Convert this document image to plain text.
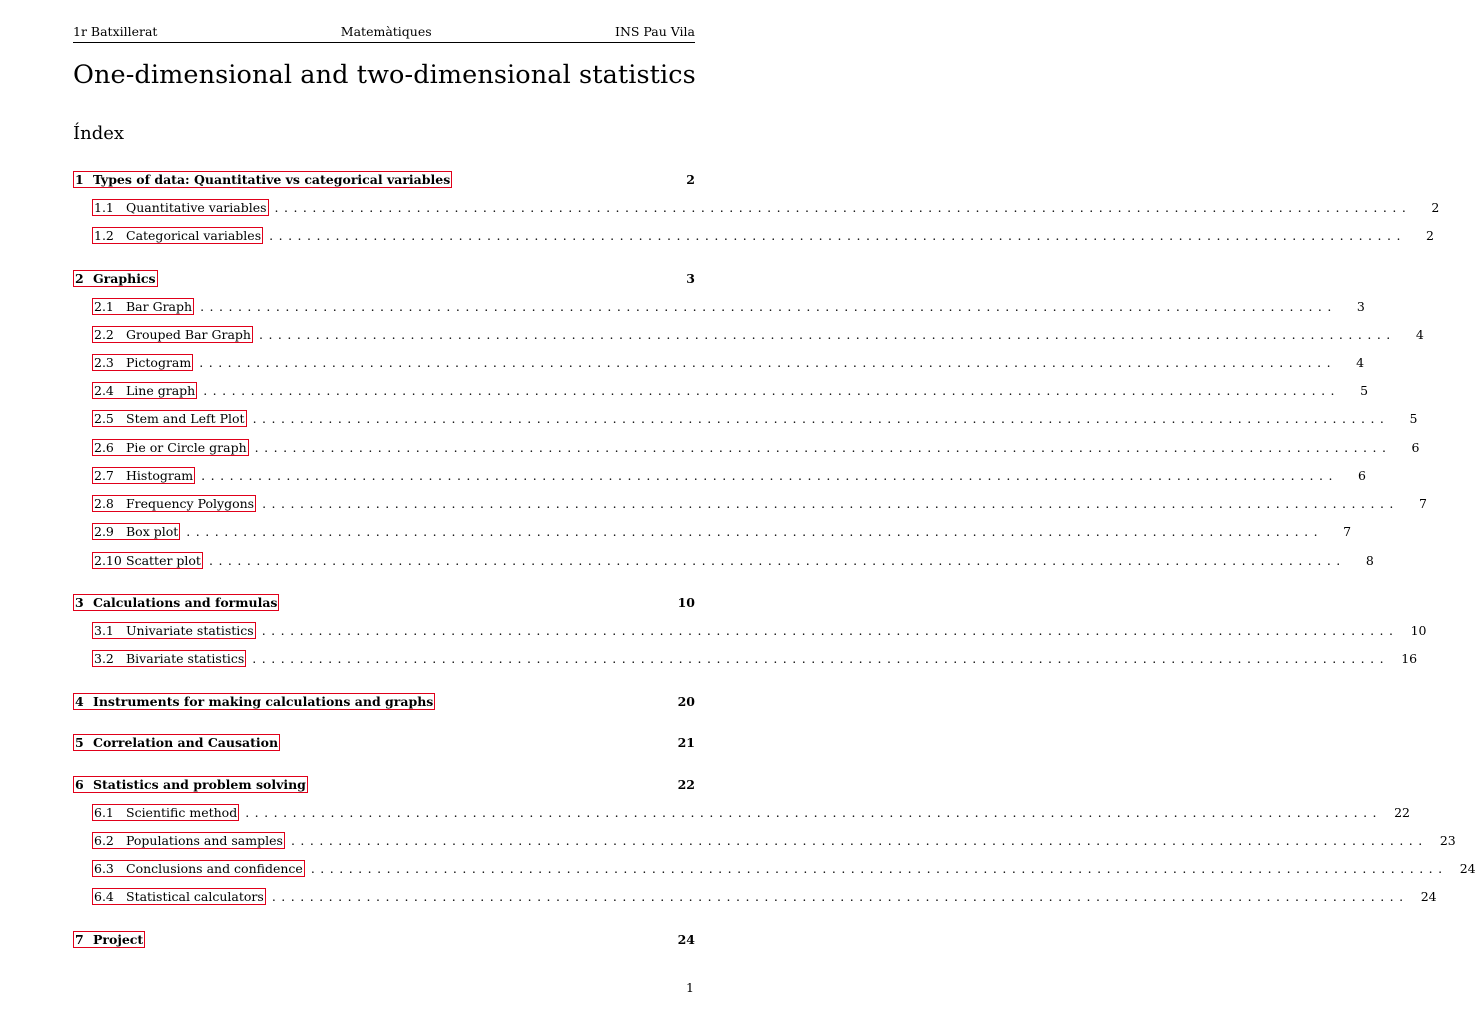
1r Batxillerat	Matemàtiques	INS Pau Vila
One-dimensional and two-dimensional statistics
Índex
1 Types of data: Quantitative vs categorical variables	2
1.1 Quantitative variables ........................................................................................................................	2
1.2 Categorical variables ........................................................................................................................	2
2 Graphics	3
2.1 Bar Graph ........................................................................................................................	3
2.2 Grouped Bar Graph ........................................................................................................................	4
2.3 Pictogram ........................................................................................................................	4
2.4 Line graph ........................................................................................................................	5
2.5 Stem and Left Plot ........................................................................................................................	5
2.6 Pie or Circle graph ........................................................................................................................	6
2.7 Histogram ........................................................................................................................	6
2.8 Frequency Polygons ........................................................................................................................	7
2.9 Box plot ........................................................................................................................	7
2.10 Scatter plot ........................................................................................................................	8
3 Calculations and formulas	10
3.1 Univariate statistics ........................................................................................................................ 10
3.2 Bivariate statistics ........................................................................................................................ 16
4 Instruments for making calculations and graphs	20
5 Correlation and Causation	21
6 Statistics and problem solving	22
6.1 Scientific method ........................................................................................................................ 22
6.2 Populations and samples ........................................................................................................................ 23
6.3 Conclusions and confidence ........................................................................................................................ 24
6.4 Statistical calculators ........................................................................................................................ 24
7 Project	24
1
